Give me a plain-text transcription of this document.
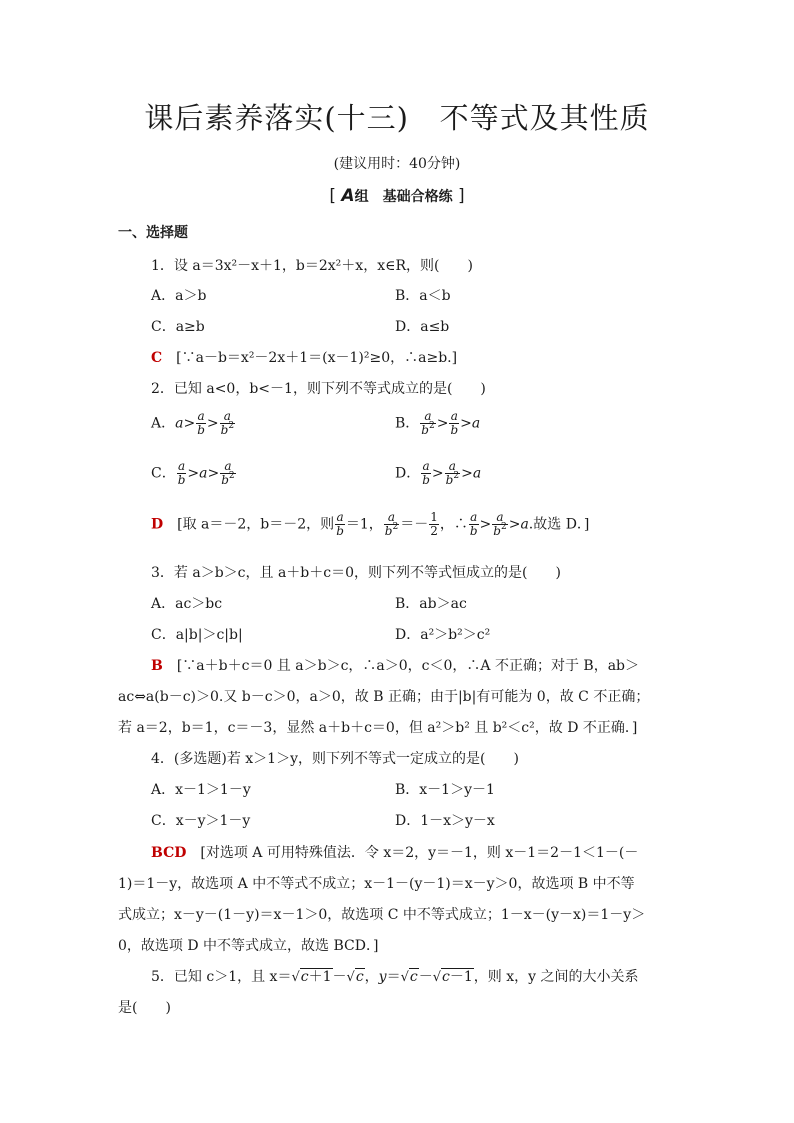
课后素养落实(十三) 不等式及其性质
(建议用时：40分钟)
[ A组　 基础合格练 ]
一、选择题
1．设 a＝3x²－x＋1，b＝2x²＋x，x∈R，则(　　)
A．a＞b	B．a＜b
C．a≥b	D．a≤b
C　 [∵a－b＝x²－2x＋1＝(x－1)²≥0，∴a≥b.]
2．已知 a<0，b<－1，则下列不等式成立的是(　　)
A．$a> \frac{a}{b} > \frac{a}{b^2}$	B． $\frac{a}{b^2} > \frac{a}{b} >a$
C． $\frac{a}{b} >a> \frac{a}{b^2}$	D． $\frac{a}{b} > \frac{a}{b^2} >a$
D　 [取 a＝－2，b＝－2，则 $\frac{a}{b} =1$， $\frac{a}{b^2} =- \frac{1}{2}$ ，∴ $\frac{a}{b} > \frac{a}{b^2} >a$.故选 D．]
3．若 a＞b＞c，且 a＋b＋c＝0，则下列不等式恒成立的是(　　)
A．ac＞bc	B．ab＞ac
C．a|b|＞c|b|	D．a²＞b²＞c²
B　 [∵a＋b＋c＝0 且 a＞b＞c，∴a＞0，c＜0，∴A 不正确；对于 B，ab＞
ac⇔a(b－c)＞0.又 b－c＞0，a＞0，故 B 正确；由于|b|有可能为 0，故 C 不正确；
若 a＝2，b＝1，c＝－3，显然 a＋b＋c＝0，但 a²＞b² 且 b²＜c²，故 D 不正确．]
4．(多选题)若 x＞1＞y，则下列不等式一定成立的是(　　)
A．x－1＞1－y	B．x－1＞y－1
C．x－y＞1－y	D．1－x＞y－x
BCD　 [对选项 A 可用特殊值法．令 x＝2，y＝－1，则 x－1＝2－1＜1－(－
1)＝1－y，故选项 A 中不等式不成立；x－1－(y－1)＝x－y＞0，故选项 B 中不等
式成立；x－y－(1－y)＝x－1＞0，故选项 C 中不等式成立；1－x－(y－x)＝1－y＞
0，故选项 D 中不等式成立，故选 BCD．]
5．已知 c＞1，且 x＝√c＋1－√c，y＝√c－√c－1，则 x，y 之间的大小关系
是(　　)
